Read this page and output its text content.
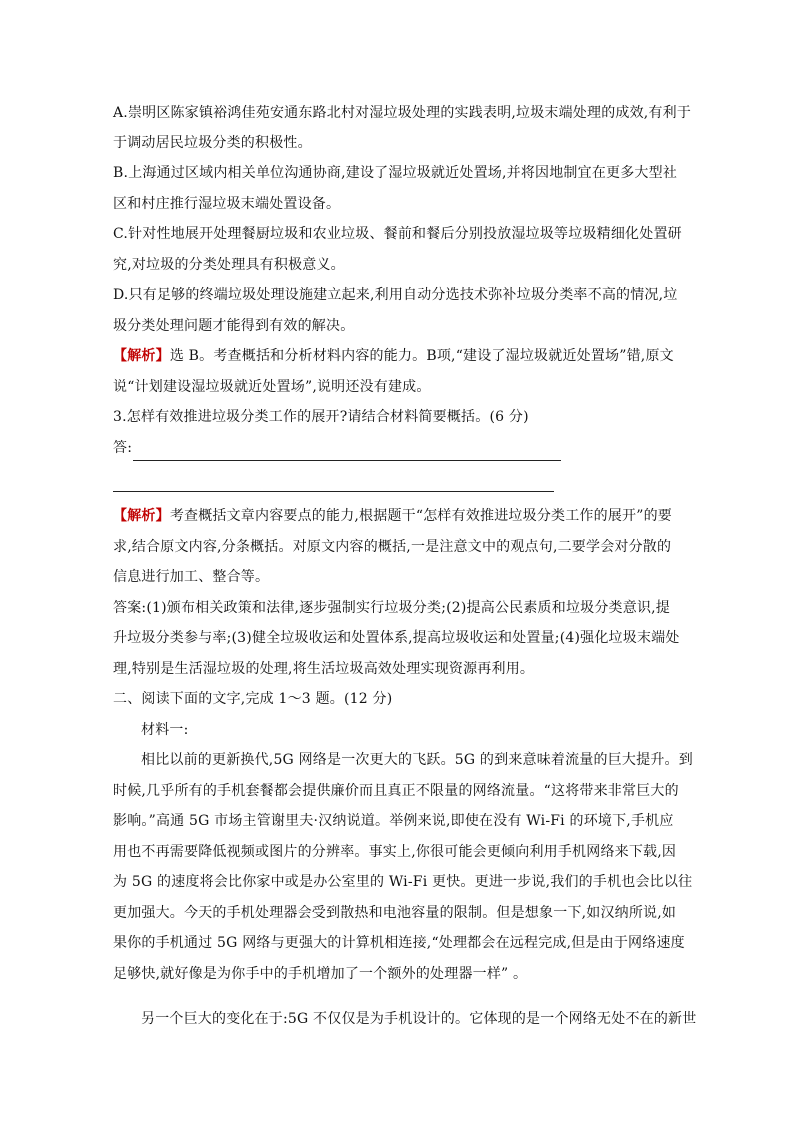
A.崇明区陈家镇裕鸿佳苑安通东路北村对湿垃圾处理的实践表明,垃圾末端处理的成效,有利于
于调动居民垃圾分类的积极性。
B.上海通过区域内相关单位沟通协商,建设了湿垃圾就近处置场,并将因地制宜在更多大型社
区和村庄推行湿垃圾末端处置设备。
C.针对性地展开处理餐厨垃圾和农业垃圾、餐前和餐后分别投放湿垃圾等垃圾精细化处置研
究,对垃圾的分类处理具有积极意义。
D.只有足够的终端垃圾处理设施建立起来,利用自动分选技术弥补垃圾分类率不高的情况,垃
圾分类处理问题才能得到有效的解决。
【解析】选 B。考查概括和分析材料内容的能力。B项,“建设了湿垃圾就近处置场”错,原文
说“计划建设湿垃圾就近处置场”,说明还没有建成。
3.怎样有效推进垃圾分类工作的展开?请结合材料简要概括。(6 分)
答:
【解析】考查概括文章内容要点的能力,根据题干“怎样有效推进垃圾分类工作的展开”的要
求,结合原文内容,分条概括。对原文内容的概括,一是注意文中的观点句,二要学会对分散的
信息进行加工、整合等。
答案:(1)颁布相关政策和法律,逐步强制实行垃圾分类;(2)提高公民素质和垃圾分类意识,提
升垃圾分类参与率;(3)健全垃圾收运和处置体系,提高垃圾收运和处置量;(4)强化垃圾末端处
理,特别是生活湿垃圾的处理,将生活垃圾高效处理实现资源再利用。
二、阅读下面的文字,完成 1～3 题。(12 分)
材料一:
相比以前的更新换代,5G 网络是一次更大的飞跃。5G 的到来意味着流量的巨大提升。到
时候,几乎所有的手机套餐都会提供廉价而且真正不限量的网络流量。“这将带来非常巨大的
影响。”高通 5G 市场主管谢里夫·汉纳说道。举例来说,即使在没有 Wi-Fi 的环境下,手机应
用也不再需要降低视频或图片的分辨率。事实上,你很可能会更倾向利用手机网络来下载,因
为 5G 的速度将会比你家中或是办公室里的 Wi-Fi 更快。更进一步说,我们的手机也会比以往
更加强大。今天的手机处理器会受到散热和电池容量的限制。但是想象一下,如汉纳所说,如
果你的手机通过 5G 网络与更强大的计算机相连接,“处理都会在远程完成,但是由于网络速度
足够快,就好像是为你手中的手机增加了一个额外的处理器一样” 。
另一个巨大的变化在于:5G 不仅仅是为手机设计的。它体现的是一个网络无处不在的新世
